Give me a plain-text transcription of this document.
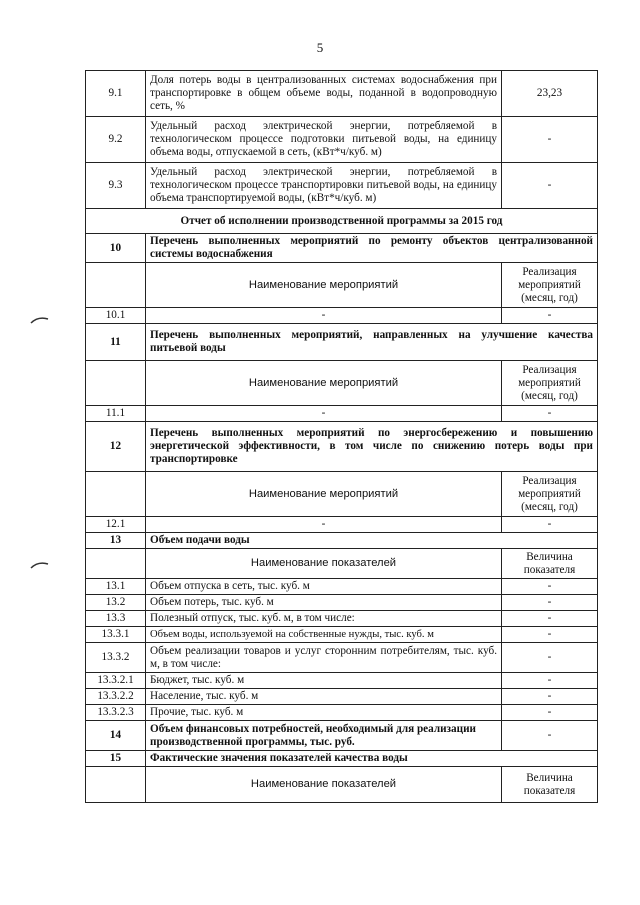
5
9.1	Доля потерь воды в централизованных системах водоснабжения при транспортировке в общем объеме воды, поданной в водопроводную сеть, %	23,23
9.2	Удельный расход электрической энергии, потребляемой в технологическом процессе подготовки питьевой воды, на единицу объема воды, отпускаемой в сеть, (кВт*ч/куб. м)	-
9.3	Удельный расход электрической энергии, потребляемой в технологическом процессе транспортировки питьевой воды, на единицу объема транспортируемой воды, (кВт*ч/куб. м)	-
Отчет об исполнении производственной программы за 2015 год		
10	Перечень выполненных мероприятий по ремонту объектов централизованной системы водоснабжения	
	Наименование мероприятий	Реализация мероприятий (месяц, год)
10.1	-	-
11	Перечень выполненных мероприятий, направленных на улучшение качества питьевой воды	
	Наименование мероприятий	Реализация мероприятий (месяц, год)
11.1	-	-
12	Перечень выполненных мероприятий по энергосбережению и повышению энергетической эффективности, в том числе по снижению потерь воды при транспортировке	
	Наименование мероприятий	Реализация мероприятий (месяц, год)
12.1	-	-
13	Объем подачи воды	
	Наименование показателей	Величина показателя
13.1	Объем отпуска в сеть, тыс. куб. м	-
13.2	Объем потерь, тыс. куб. м	-
13.3	Полезный отпуск, тыс. куб. м, в том числе:	-
13.3.1	Объем воды, используемой на собственные нужды, тыс. куб. м	-
13.3.2	Объем реализации товаров и услуг сторонним потребителям, тыс. куб. м, в том числе:	-
13.3.2.1	Бюджет, тыс. куб. м	-
13.3.2.2	Население, тыс. куб. м	-
13.3.2.3	Прочие, тыс. куб. м	-
14	Объем финансовых потребностей, необходимый для реализации производственной программы, тыс. руб.	-
15	Фактические значения показателей качества воды	
	Наименование показателей	Величина показателя
